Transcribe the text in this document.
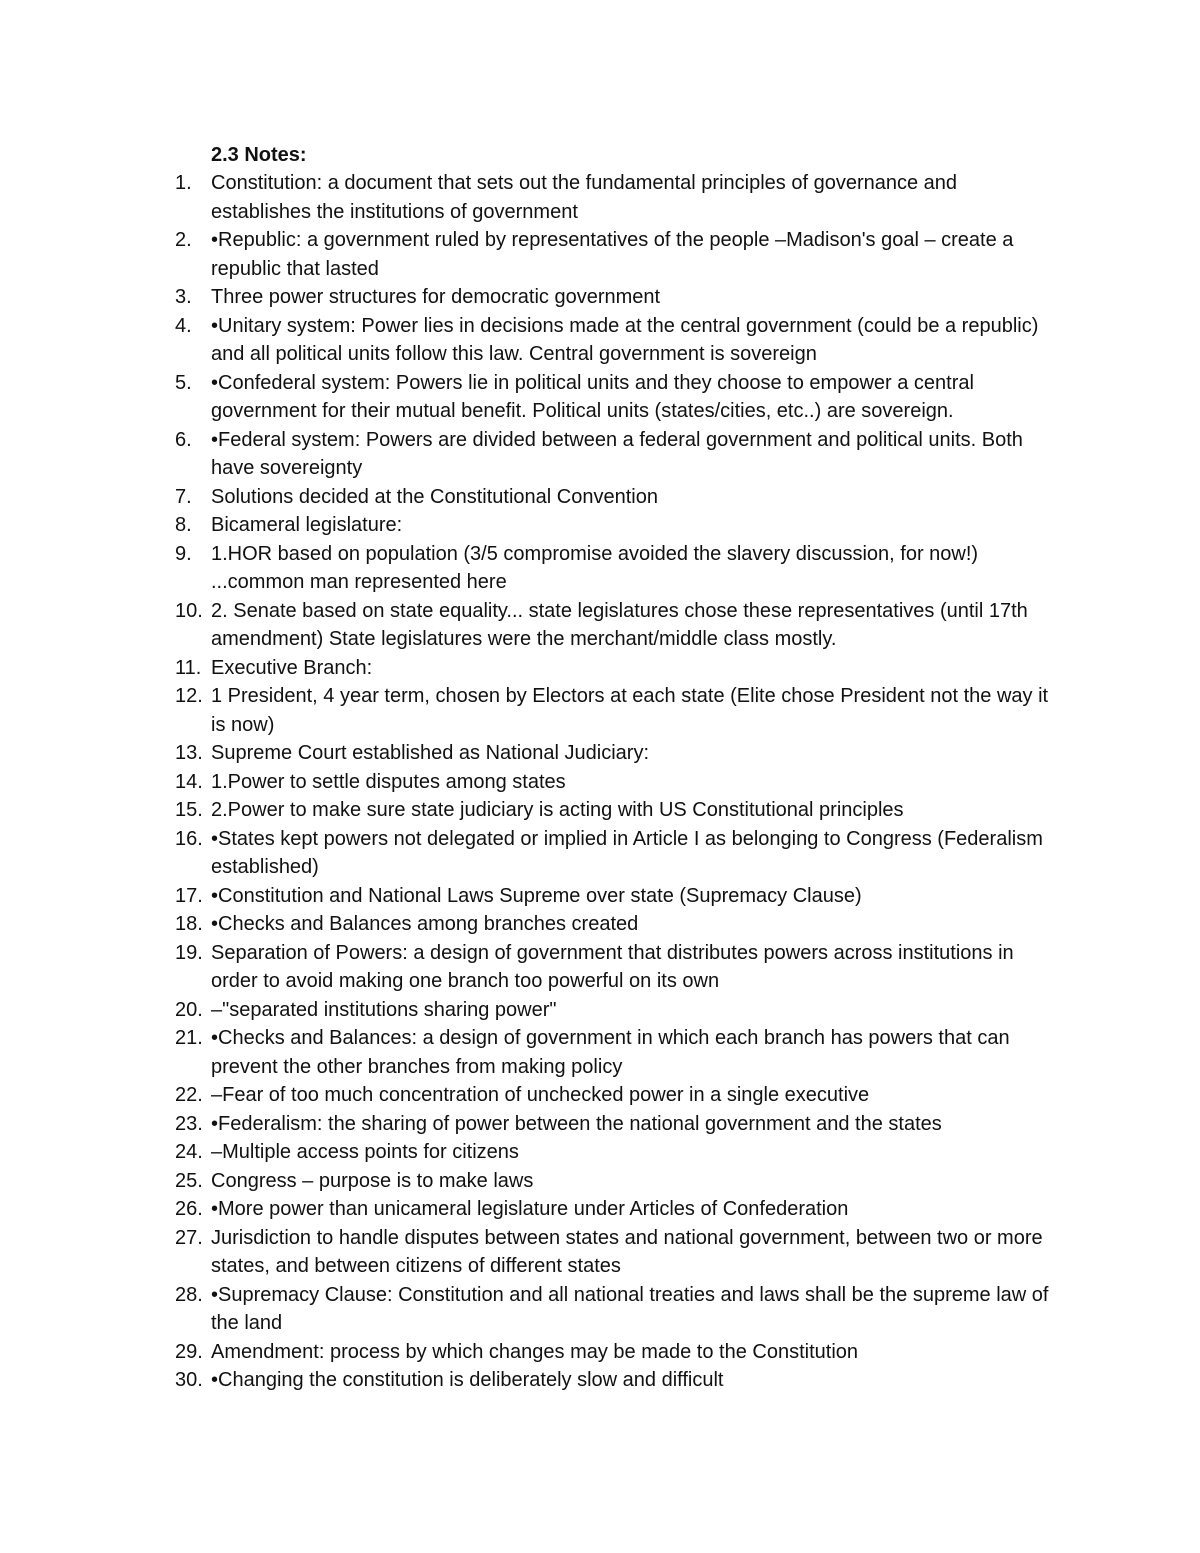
2.3 Notes:
1. Constitution: a document that sets out the fundamental principles of governance and establishes the institutions of government
2. •Republic: a government ruled by representatives of the people –Madison's goal – create a republic that lasted
3. Three power structures for democratic government
4. •Unitary system: Power lies in decisions made at the central government (could be a republic) and all political units follow this law. Central government is sovereign
5. •Confederal system: Powers lie in political units and they choose to empower a central government for their mutual benefit. Political units (states/cities, etc..) are sovereign.
6. •Federal system: Powers are divided between a federal government and political units. Both have sovereignty
7. Solutions decided at the Constitutional Convention
8. Bicameral legislature:
9. 1.HOR based on population (3/5 compromise avoided the slavery discussion, for now!) ...common man represented here
10. 2. Senate based on state equality... state legislatures chose these representatives (until 17th amendment) State legislatures were the merchant/middle class mostly.
11. Executive Branch:
12. 1 President, 4 year term, chosen by Electors at each state (Elite chose President not the way it is now)
13. Supreme Court established as National Judiciary:
14. 1.Power to settle disputes among states
15. 2.Power to make sure state judiciary is acting with US Constitutional principles
16. •States kept powers not delegated or implied in Article I as belonging to Congress (Federalism established)
17. •Constitution and National Laws Supreme over state (Supremacy Clause)
18. •Checks and Balances among branches created
19. Separation of Powers: a design of government that distributes powers across institutions in order to avoid making one branch too powerful on its own
20. –"separated institutions sharing power"
21. •Checks and Balances: a design of government in which each branch has powers that can prevent the other branches from making policy
22. –Fear of too much concentration of unchecked power in a single executive
23. •Federalism: the sharing of power between the national government and the states
24. –Multiple access points for citizens
25. Congress – purpose is to make laws
26. •More power than unicameral legislature under Articles of Confederation
27. Jurisdiction to handle disputes between states and national government, between two or more states, and between citizens of different states
28. •Supremacy Clause: Constitution and all national treaties and laws shall be the supreme law of the land
29. Amendment: process by which changes may be made to the Constitution
30. •Changing the constitution is deliberately slow and difficult
